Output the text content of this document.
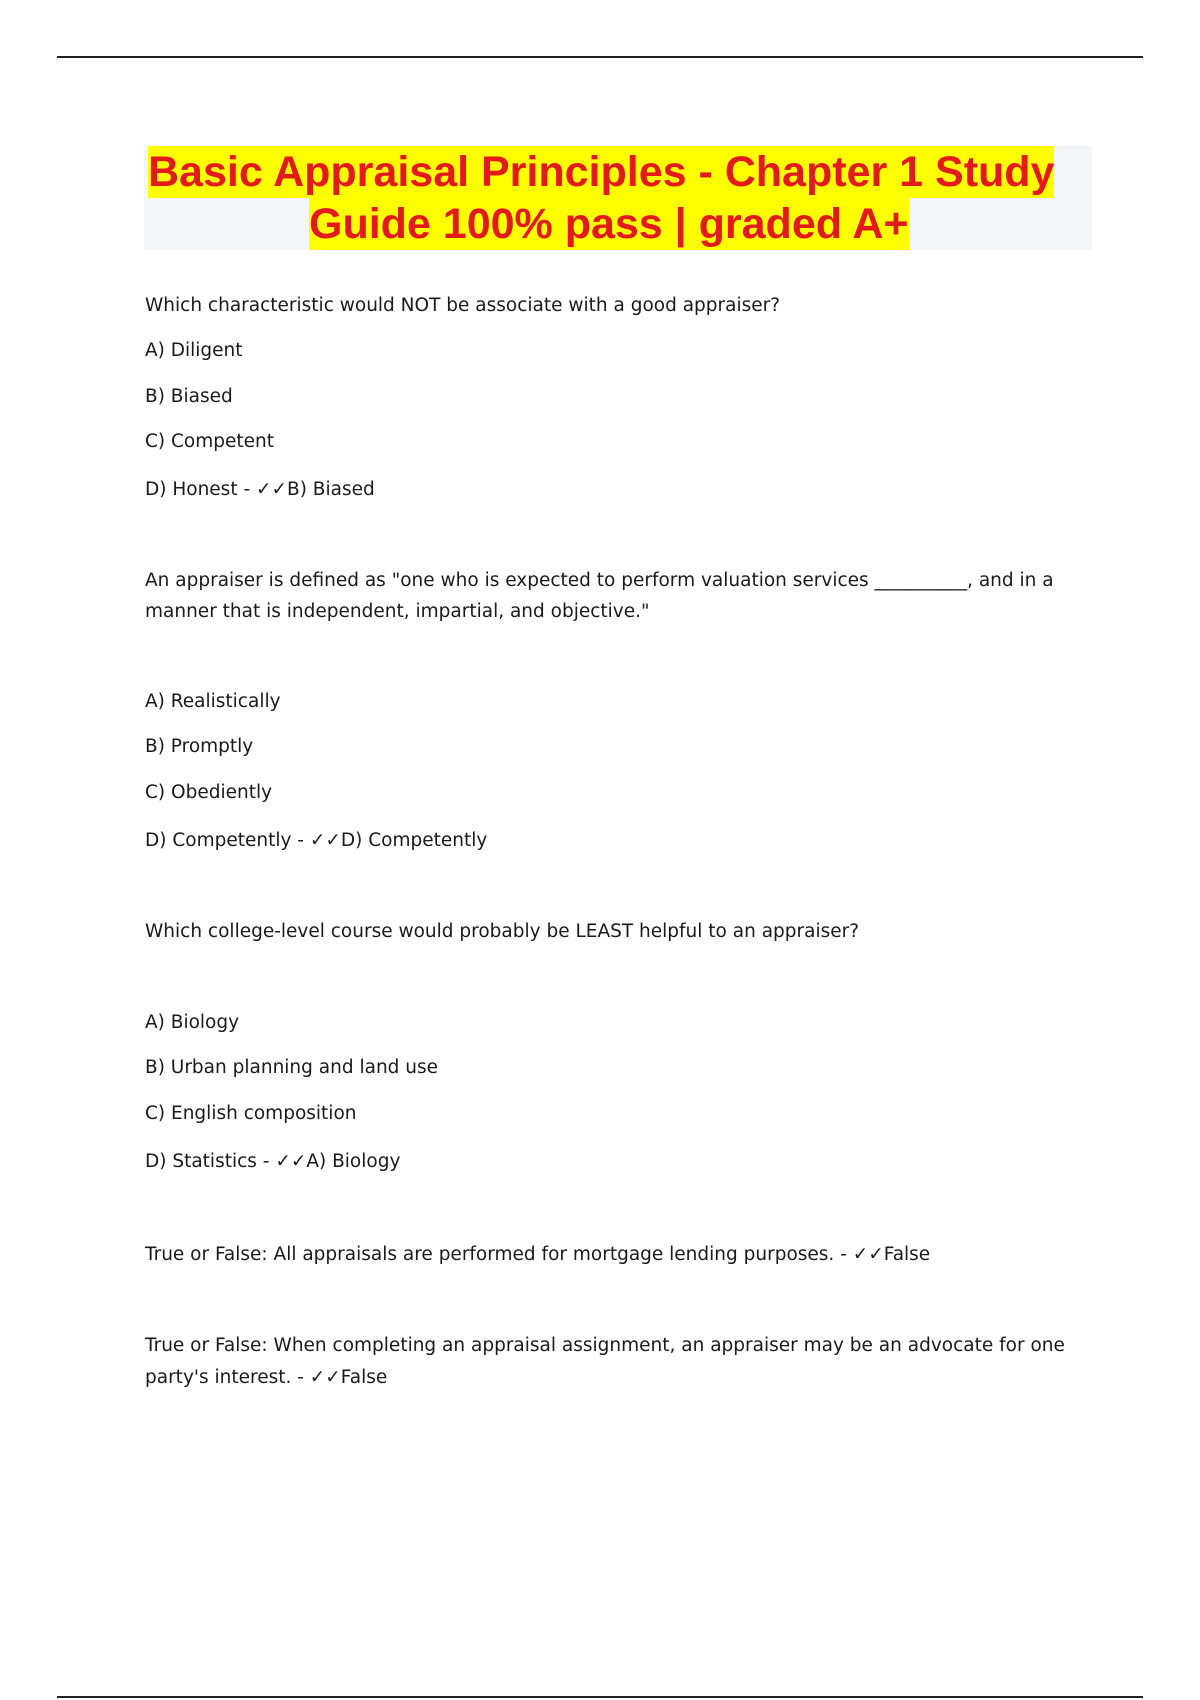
Basic Appraisal Principles - Chapter 1 Study
Guide 100% pass | graded A+
Which characteristic would NOT be associate with a good appraiser?
A) Diligent
B) Biased
C) Competent
D) Honest - ✓✓B) Biased
An appraiser is defined as "one who is expected to perform valuation services __________, and in a
manner that is independent, impartial, and objective."
A) Realistically
B) Promptly
C) Obediently
D) Competently - ✓✓D) Competently
Which college-level course would probably be LEAST helpful to an appraiser?
A) Biology
B) Urban planning and land use
C) English composition
D) Statistics - ✓✓A) Biology
True or False: All appraisals are performed for mortgage lending purposes. - ✓✓False
True or False: When completing an appraisal assignment, an appraiser may be an advocate for one
party's interest. - ✓✓False
